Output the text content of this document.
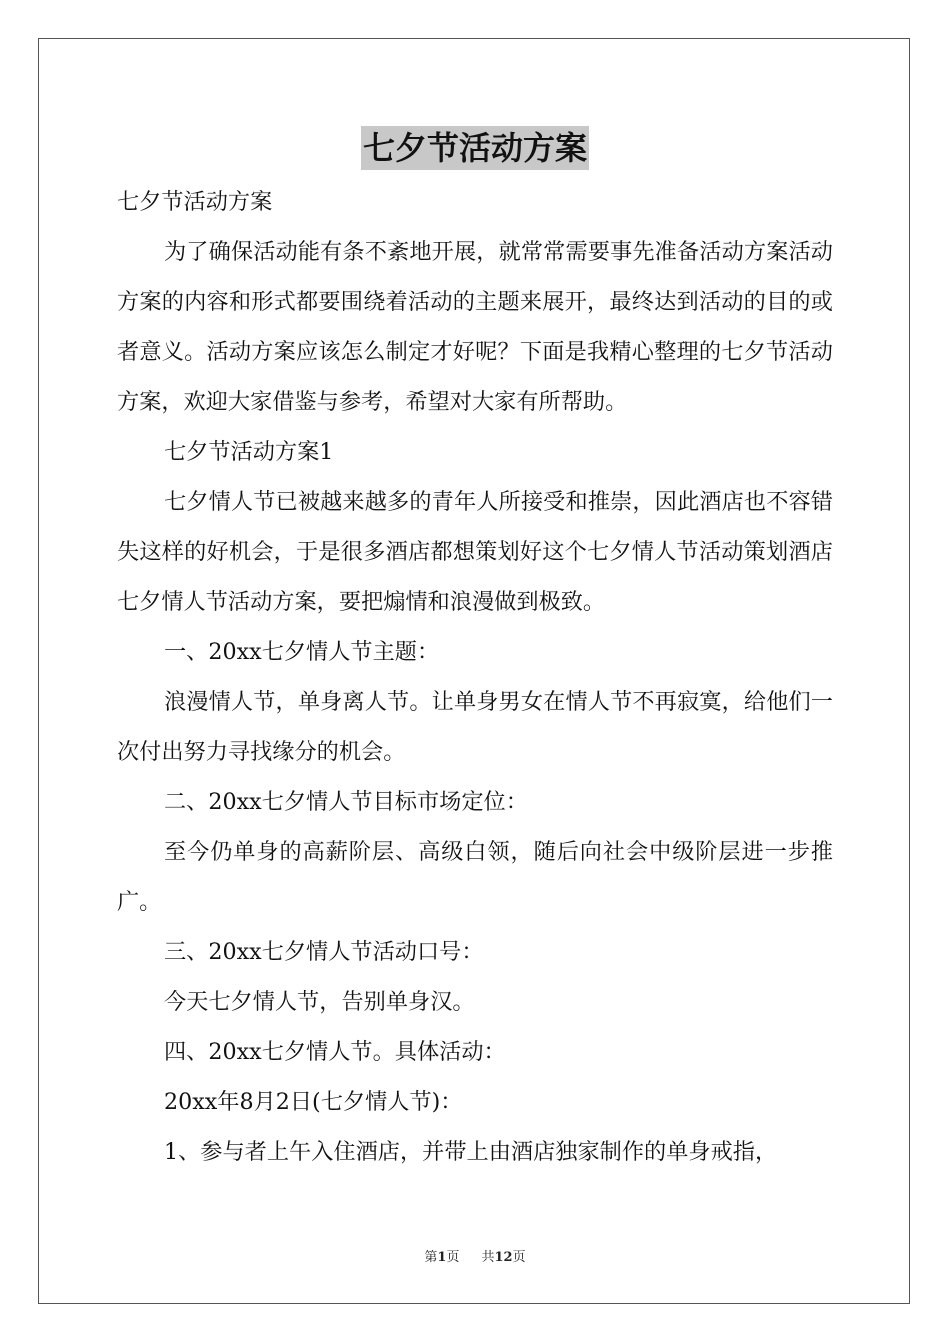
七夕节活动方案

七夕节活动方案

为了确保活动能有条不紊地开展，就常常需要事先准备活动方案活动方案的内容和形式都要围绕着活动的主题来展开，最终达到活动的目的或者意义。活动方案应该怎么制定才好呢？下面是我精心整理的七夕节活动方案，欢迎大家借鉴与参考，希望对大家有所帮助。

七夕节活动方案1

七夕情人节已被越来越多的青年人所接受和推崇，因此酒店也不容错失这样的好机会，于是很多酒店都想策划好这个七夕情人节活动策划酒店七夕情人节活动方案，要把煽情和浪漫做到极致。

一、20xx七夕情人节主题：

浪漫情人节，单身离人节。让单身男女在情人节不再寂寞，给他们一次付出努力寻找缘分的机会。

二、20xx七夕情人节目标市场定位：

至今仍单身的高薪阶层、高级白领，随后向社会中级阶层进一步推广。

三、20xx七夕情人节活动口号：

今天七夕情人节，告别单身汉。

四、20xx七夕情人节。具体活动：

20xx年8月2日(七夕情人节)：

1、参与者上午入住酒店，并带上由酒店独家制作的单身戒指，

第1页 共12页
